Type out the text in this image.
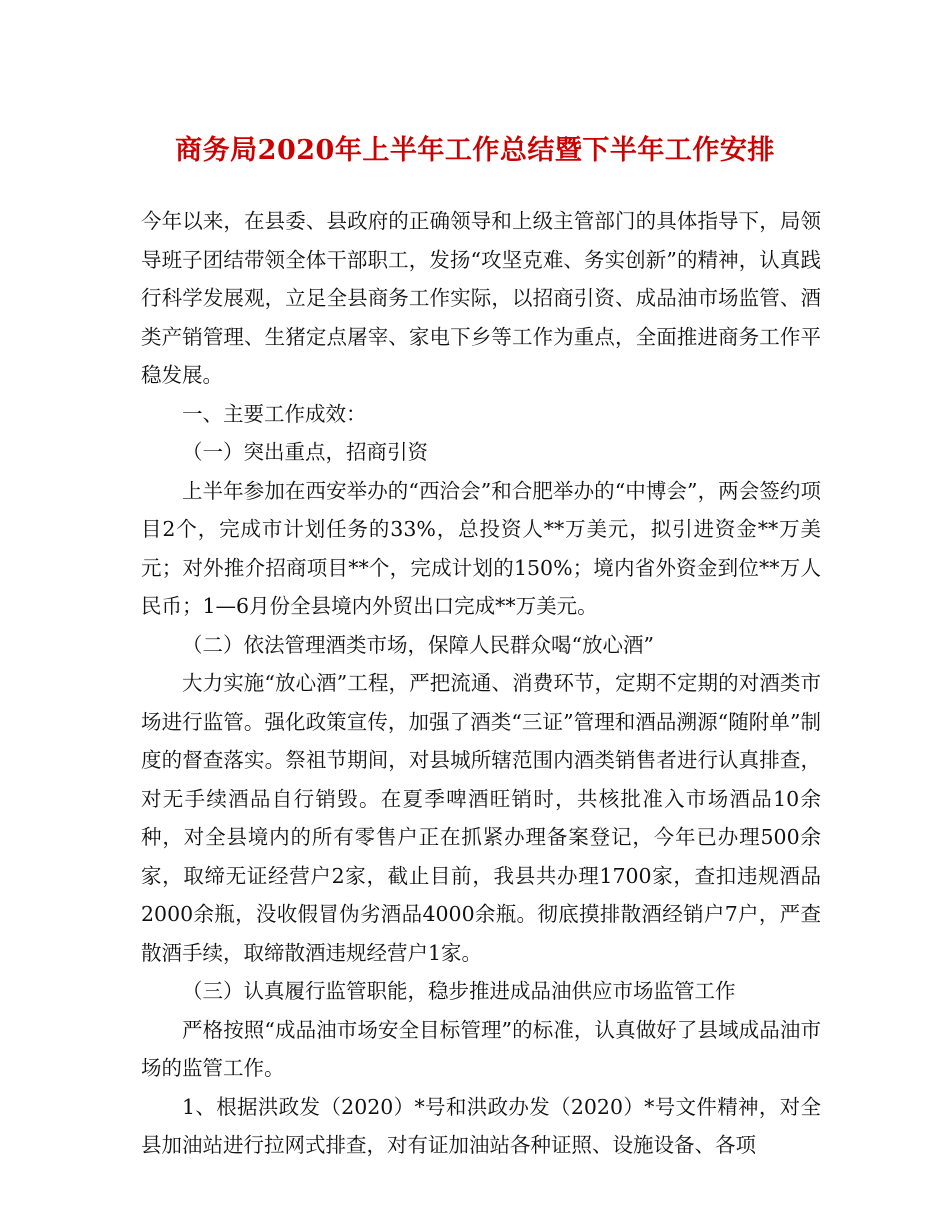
商务局2020年上半年工作总结暨下半年工作安排

今年以来，在县委、县政府的正确领导和上级主管部门的具体指导下，局领导班子团结带领全体干部职工，发扬“攻坚克难、务实创新”的精神，认真践行科学发展观，立足全县商务工作实际，以招商引资、成品油市场监管、酒类产销管理、生猪定点屠宰、家电下乡等工作为重点，全面推进商务工作平稳发展。

一、主要工作成效：

（一）突出重点，招商引资

上半年参加在西安举办的“西洽会”和合肥举办的“中博会”，两会签约项目2个，完成市计划任务的33%，总投资人**万美元，拟引进资金**万美元；对外推介招商项目**个，完成计划的150%；境内省外资金到位**万人民币；1—6月份全县境内外贸出口完成**万美元。

（二）依法管理酒类市场，保障人民群众喝“放心酒”

大力实施“放心酒”工程，严把流通、消费环节，定期不定期的对酒类市场进行监管。强化政策宣传，加强了酒类“三证”管理和酒品溯源“随附单”制度的督查落实。祭祖节期间，对县城所辖范围内酒类销售者进行认真排查，对无手续酒品自行销毁。在夏季啤酒旺销时，共核批准入市场酒品10余种，对全县境内的所有零售户正在抓紧办理备案登记，今年已办理500余家，取缔无证经营户2家，截止目前，我县共办理1700家，查扣违规酒品2000余瓶，没收假冒伪劣酒品4000余瓶。彻底摸排散酒经销户7户，严查散酒手续，取缔散酒违规经营户1家。

（三）认真履行监管职能，稳步推进成品油供应市场监管工作

严格按照“成品油市场安全目标管理”的标准，认真做好了县域成品油市场的监管工作。

1、根据洪政发（2020）*号和洪政办发（2020）*号文件精神，对全县加油站进行拉网式排查，对有证加油站各种证照、设施设备、各项
